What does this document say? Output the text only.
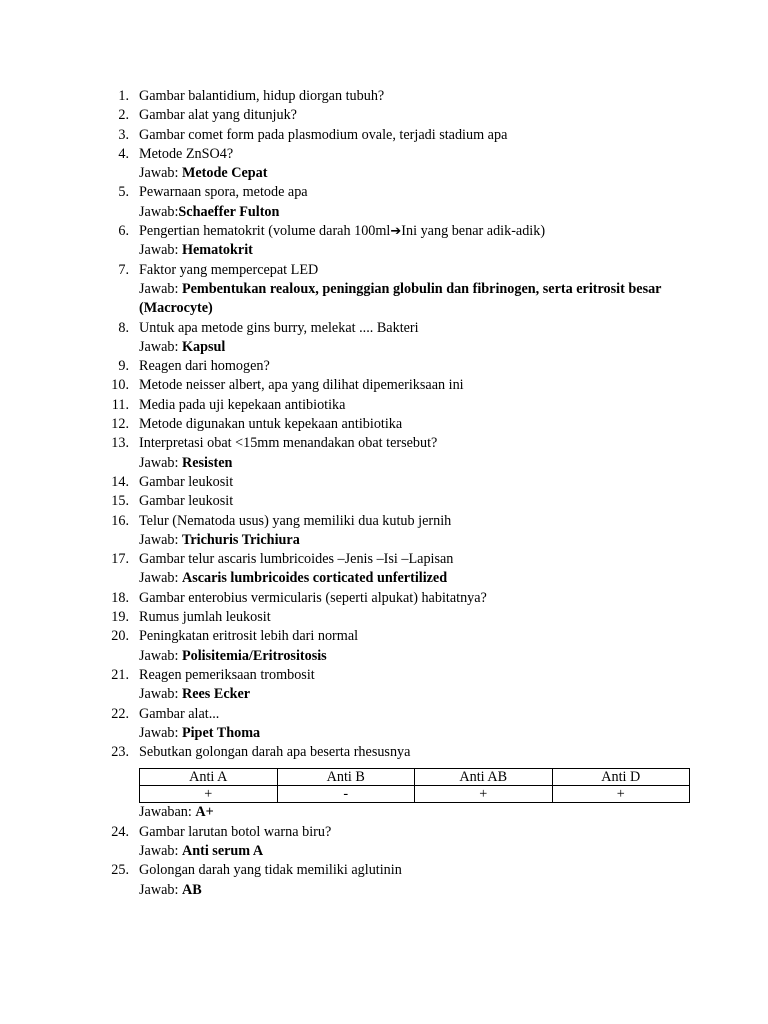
1. Gambar balantidium, hidup diorgan tubuh?
2. Gambar alat yang ditunjuk?
3. Gambar comet form pada plasmodium ovale, terjadi stadium apa
4. Metode ZnSO4?
Jawab: Metode Cepat
5. Pewarnaan spora, metode apa
Jawab:Schaeffer Fulton
6. Pengertian hematokrit (volume darah 100ml➔Ini yang benar adik-adik)
Jawab: Hematokrit
7. Faktor yang mempercepat LED
Jawab: Pembentukan realoux, peninggian globulin dan fibrinogen, serta eritrosit besar (Macrocyte)
8. Untuk apa metode gins burry, melekat .... Bakteri
Jawab: Kapsul
9. Reagen dari homogen?
10. Metode neisser albert, apa yang dilihat dipemeriksaan ini
11. Media pada uji kepekaan antibiotika
12. Metode digunakan untuk kepekaan antibiotika
13. Interpretasi obat <15mm menandakan obat tersebut?
Jawab: Resisten
14. Gambar leukosit
15. Gambar leukosit
16. Telur (Nematoda usus) yang memiliki dua kutub jernih
Jawab: Trichuris Trichiura
17. Gambar telur ascaris lumbricoides –Jenis –Isi –Lapisan
Jawab: Ascaris lumbricoides corticated unfertilized
18. Gambar enterobius vermicularis (seperti alpukat) habitatnya?
19. Rumus jumlah leukosit
20. Peningkatan eritrosit lebih dari normal
Jawab: Polisitemia/Eritrositosis
21. Reagen pemeriksaan trombosit
Jawab: Rees Ecker
22. Gambar alat...
Jawab: Pipet Thoma
23. Sebutkan golongan darah apa beserta rhesusnya
Anti A	Anti B	Anti AB	Anti D
+	-	+	+
Jawaban: A+
24. Gambar larutan botol warna biru?
Jawab: Anti serum A
25. Golongan darah yang tidak memiliki aglutinin
Jawab: AB
